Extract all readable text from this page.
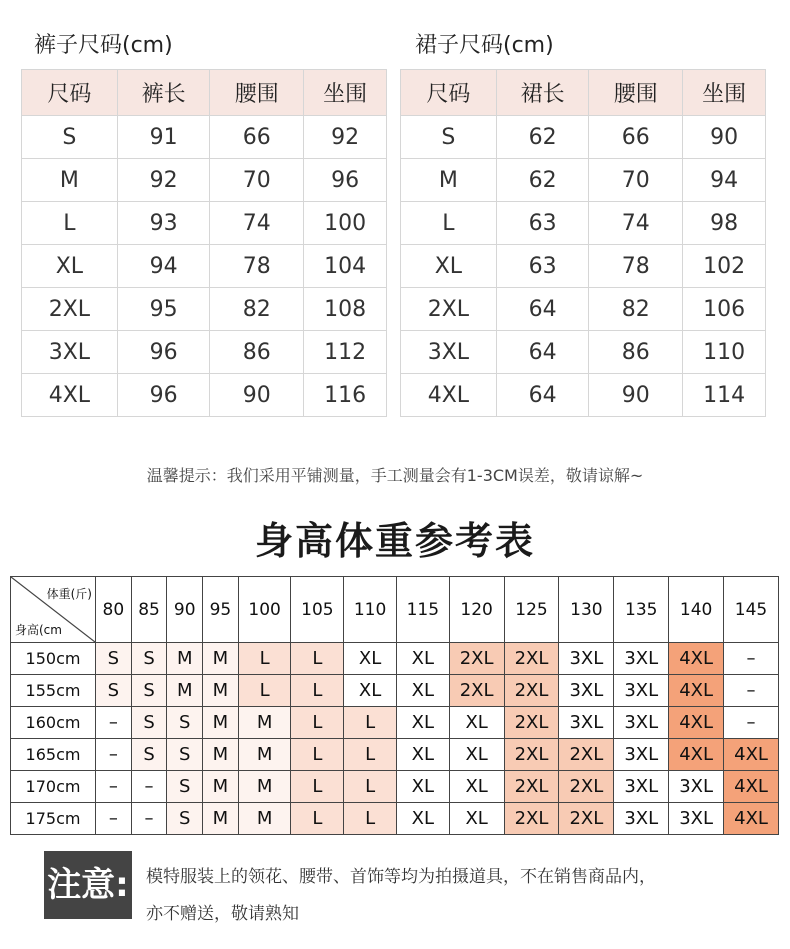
裤子尺码(cm)
尺码	裤长	腰围	坐围
S	91	66	92
M	92	70	96
L	93	74	100
XL	94	78	104
2XL	95	82	108
3XL	96	86	112
4XL	96	90	116
裙子尺码(cm)
尺码	裙长	腰围	坐围
S	62	66	90
M	62	70	94
L	63	74	98
XL	63	78	102
2XL	64	82	106
3XL	64	86	110
4XL	64	90	114
温馨提示：我们采用平铺测量，手工测量会有1-3CM误差，敬请谅解~
身高体重参考表
体重(斤)
身高(cm	80	85	90	95	100	105	110	115	120	125	130	135	140	145
150cm	S	S	M	M	L	L	XL	XL	2XL	2XL	3XL	3XL	4XL	–
155cm	S	S	M	M	L	L	XL	XL	2XL	2XL	3XL	3XL	4XL	–
160cm	–	S	S	M	M	L	L	XL	XL	2XL	3XL	3XL	4XL	–
165cm	–	S	S	M	M	L	L	XL	XL	2XL	2XL	3XL	4XL	4XL
170cm	–	–	S	M	M	L	L	XL	XL	2XL	2XL	3XL	3XL	4XL
175cm	–	–	S	M	M	L	L	XL	XL	2XL	2XL	3XL	3XL	4XL
注意: 模特服装上的领花、腰带、首饰等均为拍摄道具，不在销售商品内，
亦不赠送，敬请熟知
